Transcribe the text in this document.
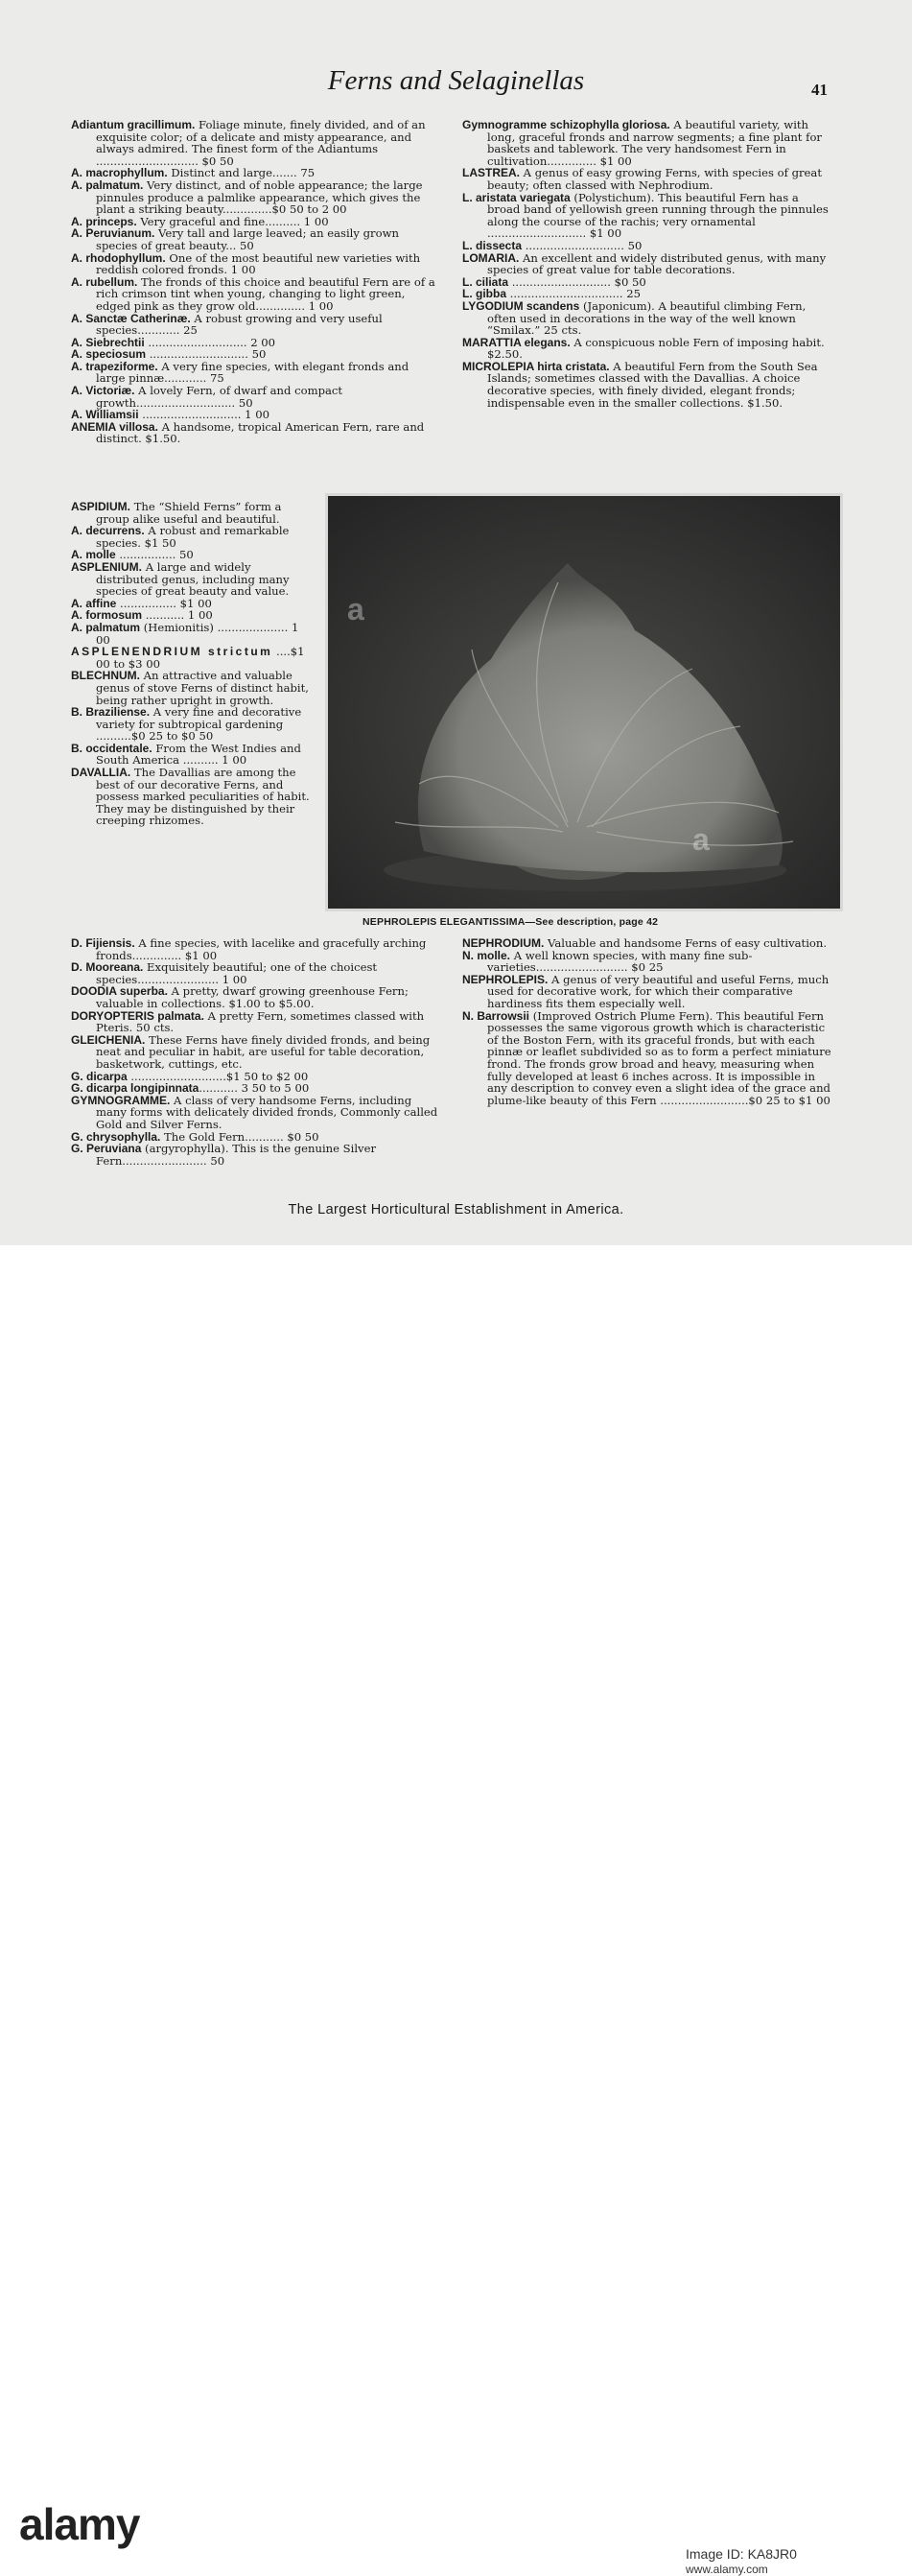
Ferns and Selaginellas	41

Adiantum gracillimum. Foliage minute, finely divided, and of an exquisite color; of a delicate and misty appearance, and always admired. The finest form of the Adiantums ............................. $0 50

A. macrophyllum. Distinct and large....... 75

A. palmatum. Very distinct, and of noble appearance; the large pinnules produce a palmlike appearance, which gives the plant a striking beauty..............$0 50 to 2 00

A. princeps. Very graceful and fine.......... 1 00

A. Peruvianum. Very tall and large leaved; an easily grown species of great beauty... 50

A. rhodophyllum. One of the most beautiful new varieties with reddish colored fronds. 1 00

A. rubellum. The fronds of this choice and beautiful Fern are of a rich crimson tint when young, changing to light green, edged pink as they grow old.............. 1 00

A. Sanctæ Catherinæ. A robust growing and very useful species............ 25

A. Siebrechtii ............................ 2 00

A. speciosum ............................ 50

A. trapeziforme. A very fine species, with elegant fronds and large pinnæ............ 75

A. Victoriæ. A lovely Fern, of dwarf and compact growth............................ 50

A. Williamsii ............................ 1 00

ANEMIA villosa. A handsome, tropical American Fern, rare and distinct. $1.50.

ASPIDIUM. The “Shield Ferns” form a group alike useful and beautiful.

A. decurrens. A robust and remarkable species. $1 50

A. molle ................ 50

ASPLENIUM. A large and widely distributed genus, including many species of great beauty and value.

A. affine ................ $1 00

A. formosum ........... 1 00

A. palmatum (Hemionitis) .................... 1 00

ASPLENENDRIUM strictum ....$1 00 to $3 00

BLECHNUM. An attractive and valuable genus of stove Ferns of distinct habit, being rather upright in growth.

B. Braziliense. A very fine and decorative variety for subtropical gardening ..........$0 25 to $0 50

B. occidentale. From the West Indies and South America .......... 1 00

DAVALLIA. The Davallias are among the best of our decorative Ferns, and possess marked peculiarities of habit. They may be distinguished by their creeping rhizomes.

D. Fijiensis. A fine species, with lacelike and gracefully arching fronds.............. $1 00

D. Mooreana. Exquisitely beautiful; one of the choicest species....................... 1 00

DOODIA superba. A pretty, dwarf growing greenhouse Fern; valuable in collections. $1.00 to $5.00.

DORYOPTERIS palmata. A pretty Fern, sometimes classed with Pteris. 50 cts.

GLEICHENIA. These Ferns have finely divided fronds, and being neat and peculiar in habit, are useful for table decoration, basketwork, cuttings, etc.

G. dicarpa ...........................$1 50 to $2 00

G. dicarpa longipinnata........... 3 50 to 5 00

GYMNOGRAMME. A class of very handsome Ferns, including many forms with delicately divided fronds, Commonly called Gold and Silver Ferns.

G. chrysophylla. The Gold Fern........... $0 50

G. Peruviana (argyrophylla). This is the genuine Silver Fern........................ 50

Gymnogramme schizophylla gloriosa. A beautiful variety, with long, graceful fronds and narrow segments; a fine plant for baskets and tablework. The very handsomest Fern in cultivation.............. $1 00

LASTREA. A genus of easy growing Ferns, with species of great beauty; often classed with Nephrodium.

L. aristata variegata (Polystichum). This beautiful Fern has a broad band of yellowish green running through the pinnules along the course of the rachis; very ornamental ............................ $1 00

L. dissecta ............................ 50

LOMARIA. An excellent and widely distributed genus, with many species of great value for table decorations.

L. ciliata ............................ $0 50

L. gibba ................................ 25

LYGODIUM scandens (Japonicum). A beautiful climbing Fern, often used in decorations in the way of the well known “Smilax.” 25 cts.

MARATTIA elegans. A conspicuous noble Fern of imposing habit. $2.50.

MICROLEPIA hirta cristata. A beautiful Fern from the South Sea Islands; sometimes classed with the Davallias. A choice decorative species, with finely divided, elegant fronds; indispensable even in the smaller collections. $1.50.

a
a
NEPHROLEPIS ELEGANTISSIMA—See description, page 42

NEPHRODIUM. Valuable and handsome Ferns of easy cultivation.

N. molle. A well known species, with many fine sub-varieties.......................... $0 25

NEPHROLEPIS. A genus of very beautiful and useful Ferns, much used for decorative work, for which their comparative hardiness fits them especially well.

N. Barrowsii (Improved Ostrich Plume Fern). This beautiful Fern possesses the same vigorous growth which is characteristic of the Boston Fern, with its graceful fronds, but with each pinnæ or leaflet subdivided so as to form a perfect miniature frond. The fronds grow broad and heavy, measuring when fully developed at least 6 inches across. It is impossible in any description to convey even a slight idea of the grace and plume-like beauty of this Fern .........................$0 25 to $1 00

The Largest Horticultural Establishment in America.
alamy
Image ID: KA8JR0
www.alamy.com
